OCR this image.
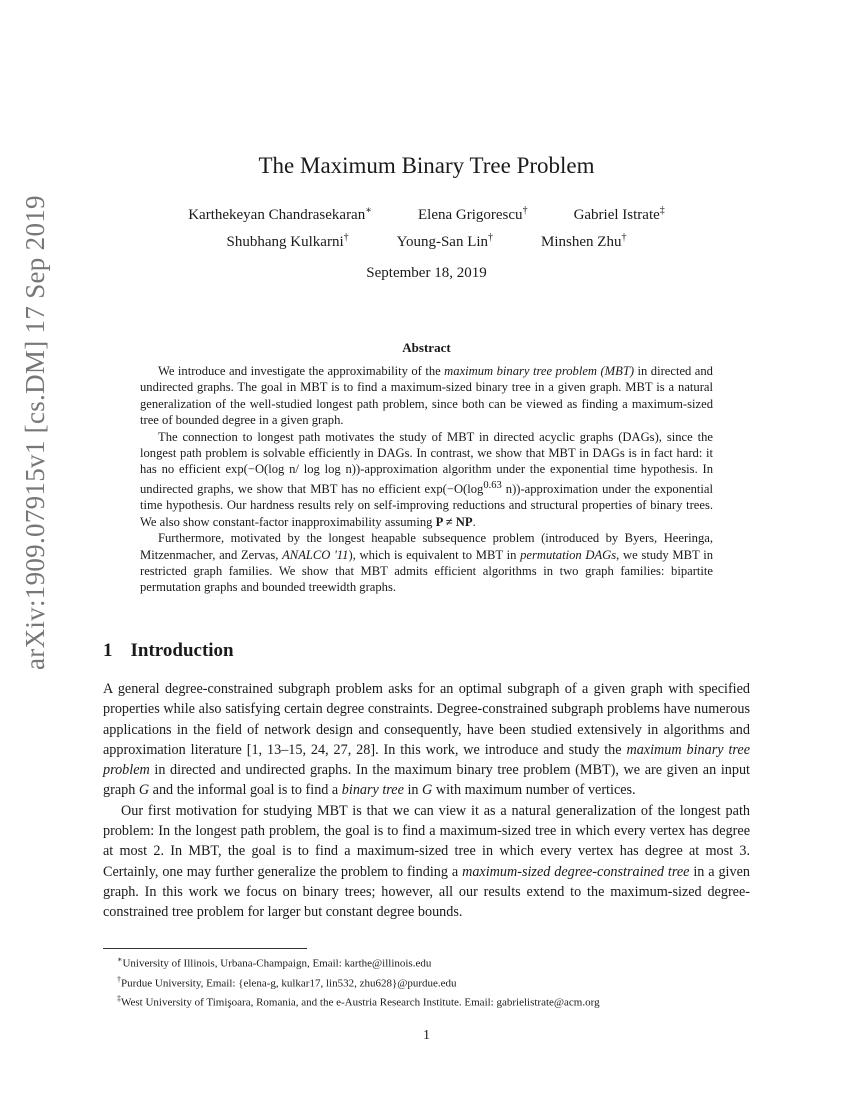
arXiv:1909.07915v1 [cs.DM] 17 Sep 2019
The Maximum Binary Tree Problem
Karthekeyan Chandrasekaran∗	Elena Grigorescu†	Gabriel Istrate‡
Shubhang Kulkarni†	Young-San Lin†	Minshen Zhu†
September 18, 2019
Abstract

We introduce and investigate the approximability of the maximum binary tree problem (MBT) in directed and undirected graphs. The goal in MBT is to find a maximum-sized binary tree in a given graph. MBT is a natural generalization of the well-studied longest path problem, since both can be viewed as finding a maximum-sized tree of bounded degree in a given graph.

The connection to longest path motivates the study of MBT in directed acyclic graphs (DAGs), since the longest path problem is solvable efficiently in DAGs. In contrast, we show that MBT in DAGs is in fact hard: it has no efficient exp(−O(log n/ log log n))-approximation algorithm under the exponential time hypothesis. In undirected graphs, we show that MBT has no efficient $\exp(-O(\log^{0.63}$ n))-approximation under the exponential time hypothesis. Our hardness results rely on self-improving reductions and structural properties of binary trees. We also show constant-factor inapproximability assuming P ≠ NP.

Furthermore, motivated by the longest heapable subsequence problem (introduced by Byers, Heeringa, Mitzenmacher, and Zervas, ANALCO '11), which is equivalent to MBT in permutation DAGs, we study MBT in restricted graph families. We show that MBT admits efficient algorithms in two graph families: bipartite permutation graphs and bounded treewidth graphs.

1 Introduction

A general degree-constrained subgraph problem asks for an optimal subgraph of a given graph with specified properties while also satisfying certain degree constraints. Degree-constrained subgraph problems have numerous applications in the field of network design and consequently, have been studied extensively in algorithms and approximation literature [1, 13–15, 24, 27, 28]. In this work, we introduce and study the maximum binary tree problem in directed and undirected graphs. In the maximum binary tree problem (MBT), we are given an input graph G and the informal goal is to find a binary tree in G with maximum number of vertices.

Our first motivation for studying MBT is that we can view it as a natural generalization of the longest path problem: In the longest path problem, the goal is to find a maximum-sized tree in which every vertex has degree at most 2. In MBT, the goal is to find a maximum-sized tree in which every vertex has degree at most 3. Certainly, one may further generalize the problem to finding a maximum-sized degree-constrained tree in a given graph. In this work we focus on binary trees; however, all our results extend to the maximum-sized degree-constrained tree problem for larger but constant degree bounds.

∗University of Illinois, Urbana-Champaign, Email: karthe@illinois.edu
†Purdue University, Email: {elena-g, kulkar17, lin532, zhu628}@purdue.edu
‡West University of Timişoara, Romania, and the e-Austria Research Institute. Email: gabrielistrate@acm.org
1
